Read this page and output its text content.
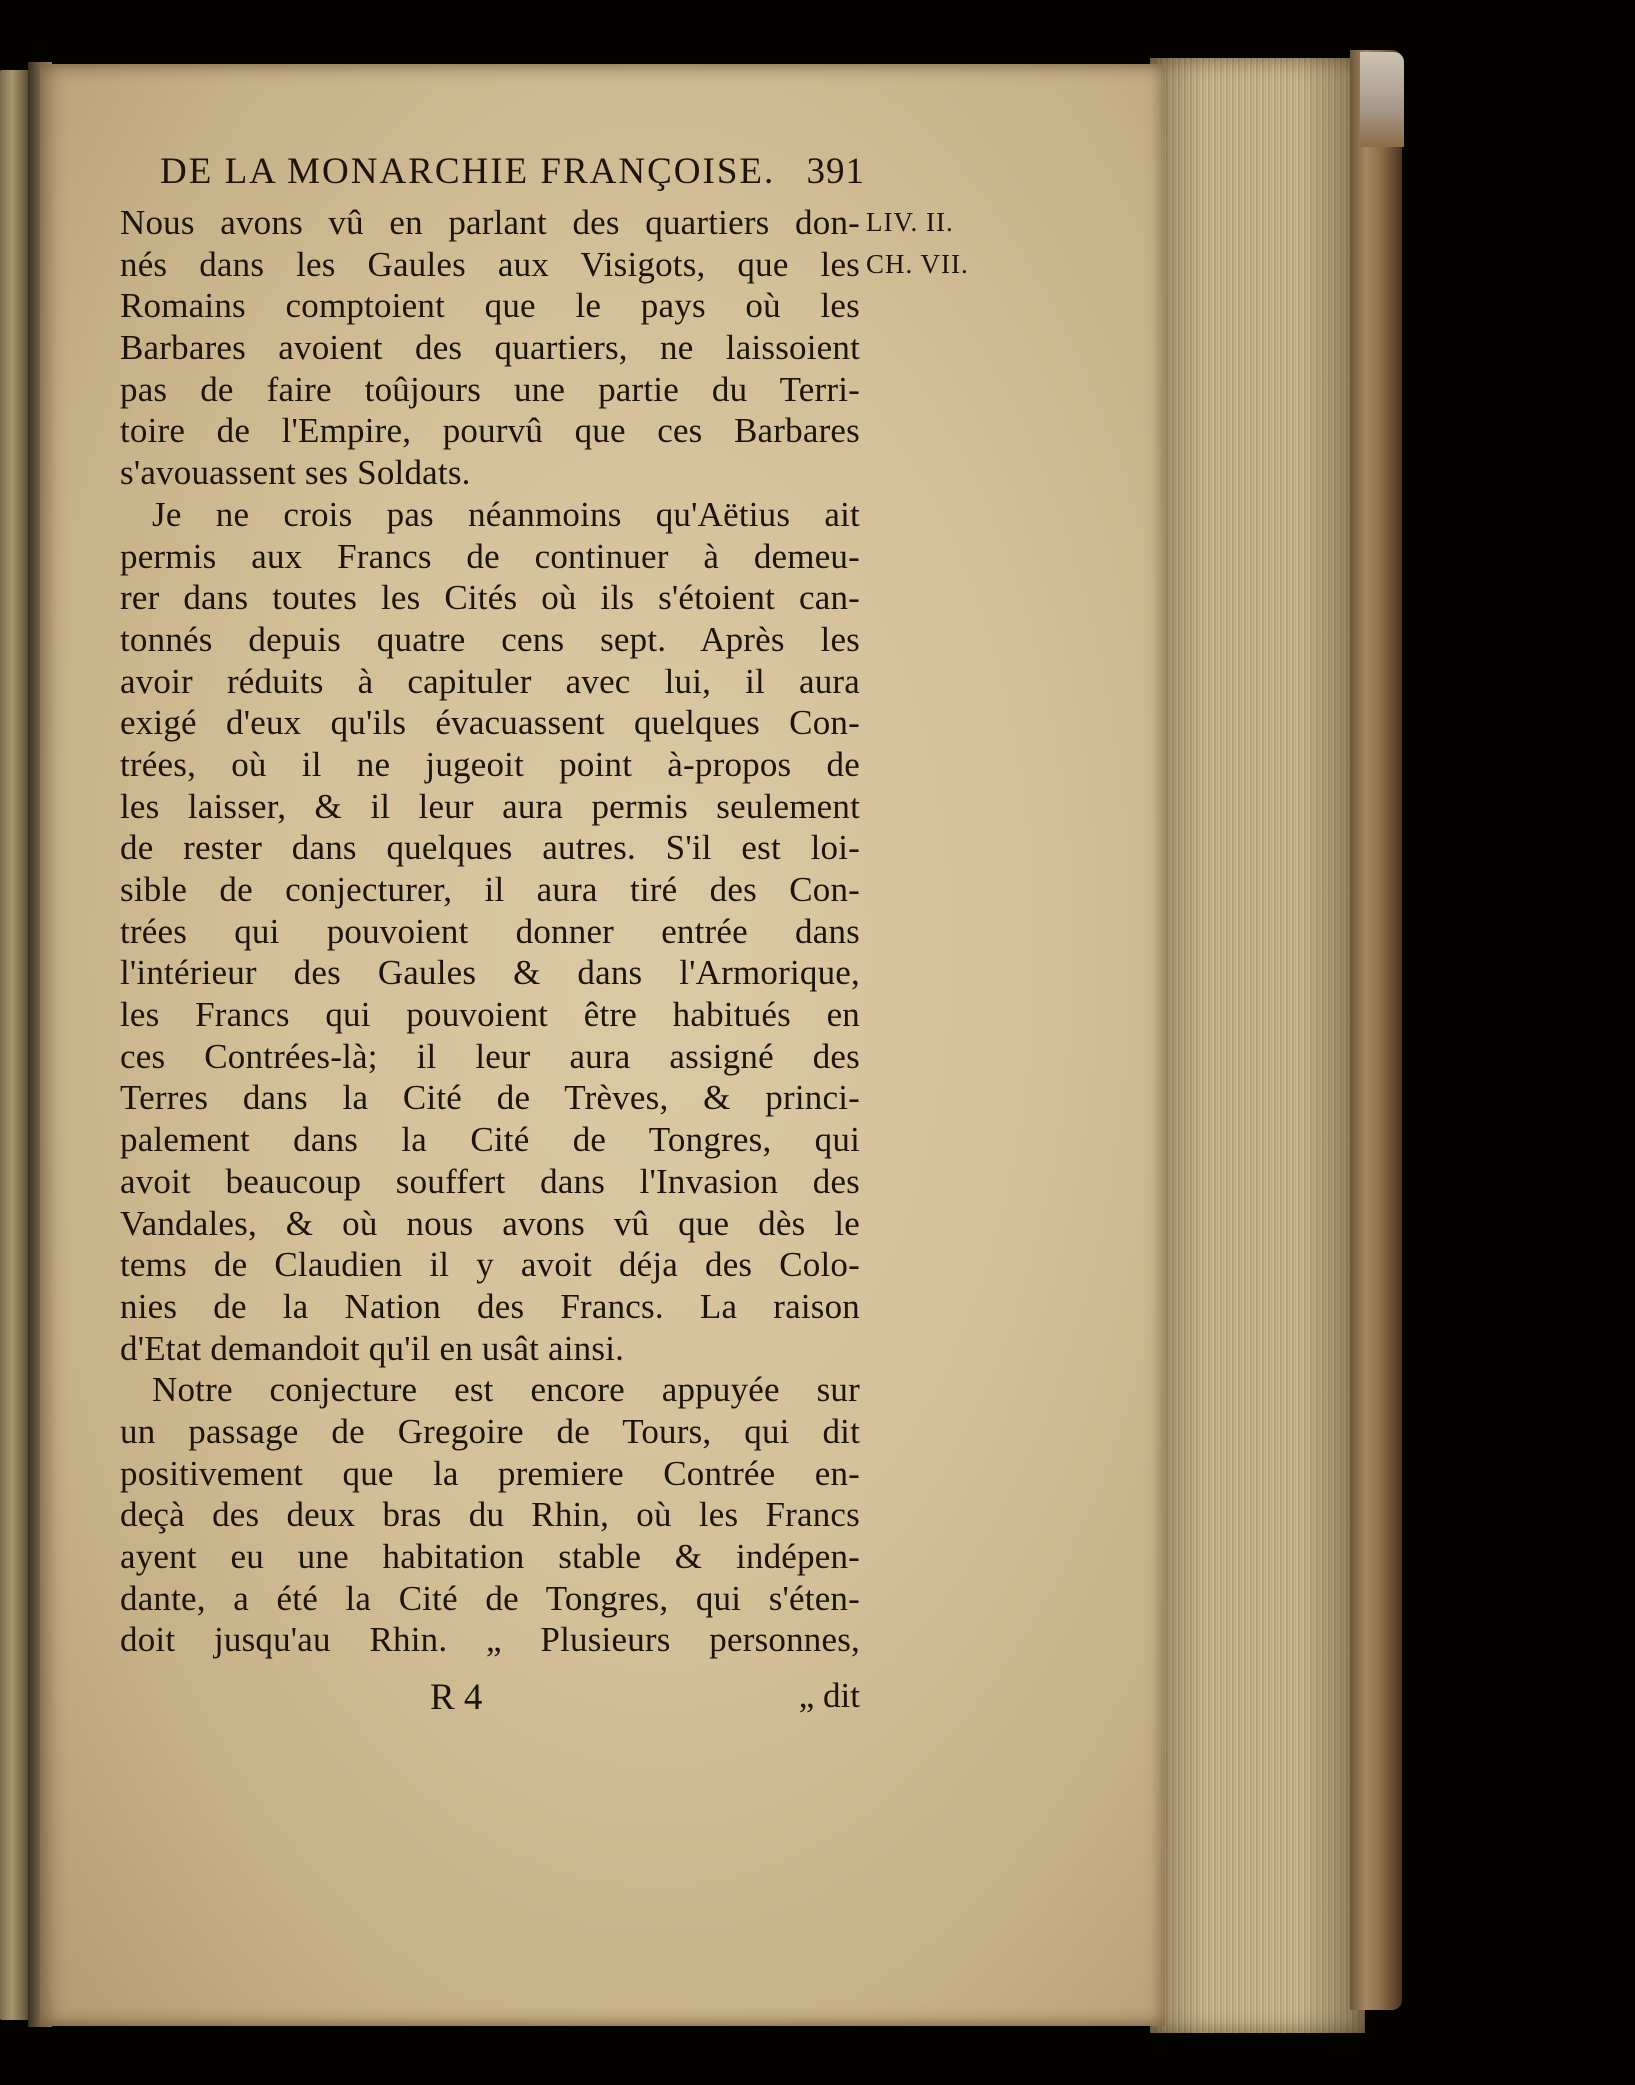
DE LA MONARCHIE FRANÇOISE. 391
LIV. II.
CH. VII.
Nous avons vû en parlant des quartiers don-
nés dans les Gaules aux Visigots, que les
Romains comptoient que le pays où les
Barbares avoient des quartiers, ne laissoient
pas de faire toûjours une partie du Terri-
toire de l'Empire, pourvû que ces Barbares
s'avouassent ses Soldats.
Je ne crois pas néanmoins qu'Aëtius ait
permis aux Francs de continuer à demeu-
rer dans toutes les Cités où ils s'étoient can-
tonnés depuis quatre cens sept. Après les
avoir réduits à capituler avec lui, il aura
exigé d'eux qu'ils évacuassent quelques Con-
trées, où il ne jugeoit point à-propos de
les laisser, & il leur aura permis seulement
de rester dans quelques autres. S'il est loi-
sible de conjecturer, il aura tiré des Con-
trées qui pouvoient donner entrée dans
l'intérieur des Gaules & dans l'Armorique,
les Francs qui pouvoient être habitués en
ces Contrées-là; il leur aura assigné des
Terres dans la Cité de Trèves, & princi-
palement dans la Cité de Tongres, qui
avoit beaucoup souffert dans l'Invasion des
Vandales, & où nous avons vû que dès le
tems de Claudien il y avoit déja des Colo-
nies de la Nation des Francs. La raison
d'Etat demandoit qu'il en usât ainsi.
Notre conjecture est encore appuyée sur
un passage de Gregoire de Tours, qui dit
positivement que la premiere Contrée en-
deçà des deux bras du Rhin, où les Francs
ayent eu une habitation stable & indépen-
dante, a été la Cité de Tongres, qui s'éten-
doit jusqu'au Rhin. „ Plusieurs personnes,
R 4	„ dit
